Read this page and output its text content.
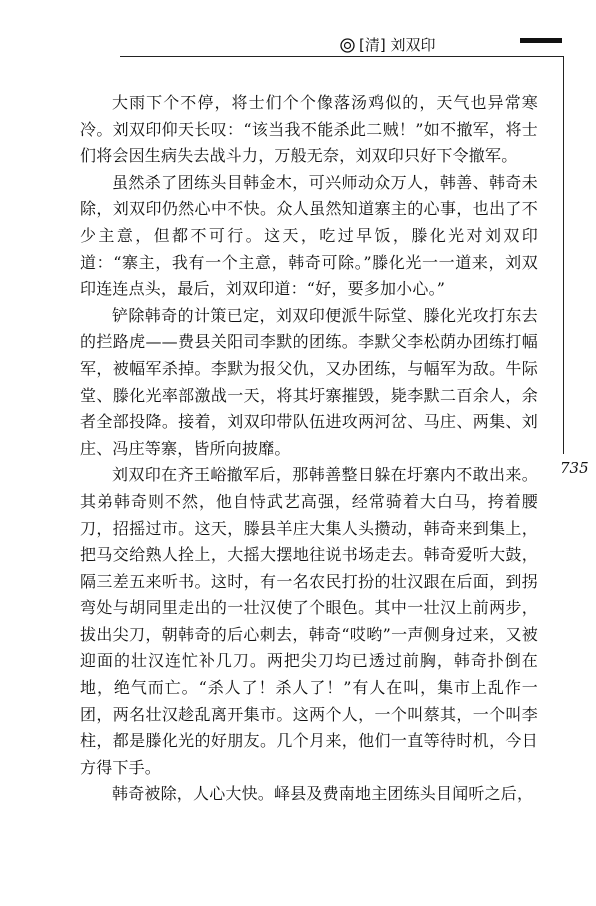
[清] 刘双印
735

大雨下个不停，将士们个个像落汤鸡似的，天气也异常寒冷。刘双印仰天长叹：“该当我不能杀此二贼！”如不撤军，将士们将会因生病失去战斗力，万般无奈，刘双印只好下令撤军。

虽然杀了团练头目韩金木，可兴师动众万人，韩善、韩奇未除，刘双印仍然心中不快。众人虽然知道寨主的心事，也出了不少主意，但都不可行。这天，吃过早饭，滕化光对刘双印道：“寨主，我有一个主意，韩奇可除。”滕化光一一道来，刘双印连连点头，最后，刘双印道：“好，要多加小心。”

铲除韩奇的计策已定，刘双印便派牛际堂、滕化光攻打东去的拦路虎——费县关阳司李默的团练。李默父李松荫办团练打幅军，被幅军杀掉。李默为报父仇，又办团练，与幅军为敌。牛际堂、滕化光率部激战一天，将其圩寨摧毁，毙李默二百余人，余者全部投降。接着，刘双印带队伍进攻两河岔、马庄、两集、刘庄、冯庄等寨，皆所向披靡。

刘双印在齐王峪撤军后，那韩善整日躲在圩寨内不敢出来。其弟韩奇则不然，他自恃武艺高强，经常骑着大白马，挎着腰刀，招摇过市。这天，滕县羊庄大集人头攒动，韩奇来到集上，把马交给熟人拴上，大摇大摆地往说书场走去。韩奇爱听大鼓，隔三差五来听书。这时，有一名农民打扮的壮汉跟在后面，到拐弯处与胡同里走出的一壮汉使了个眼色。其中一壮汉上前两步，拔出尖刀，朝韩奇的后心刺去，韩奇“哎哟”一声侧身过来，又被迎面的壮汉连忙补几刀。两把尖刀均已透过前胸，韩奇扑倒在地，绝气而亡。“杀人了！杀人了！”有人在叫，集市上乱作一团，两名壮汉趁乱离开集市。这两个人，一个叫蔡其，一个叫李柱，都是滕化光的好朋友。几个月来，他们一直等待时机，今日方得下手。

韩奇被除，人心大快。峄县及费南地主团练头目闻听之后，
